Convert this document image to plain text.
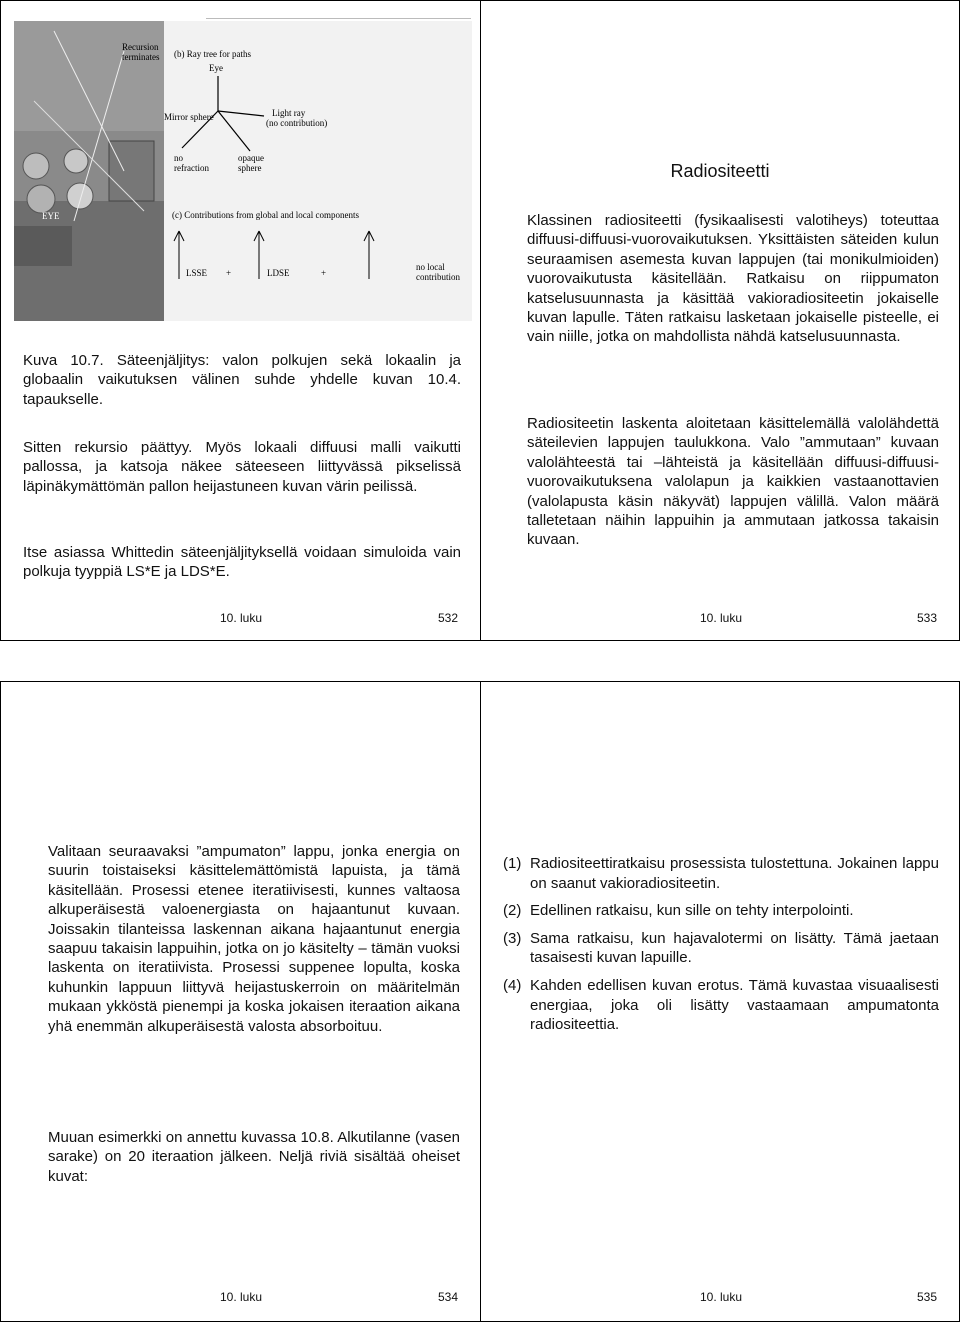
Recursion
terminates (b) Ray tree for paths
Eye
Mirror sphere	Light ray
(no contribution)
no
refraction
opaque
sphere
EYE	(c) Contributions from global and local components
LSSE +	LDSE	+
no local
contribution

Kuva 10.7. Säteenjäljitys: valon polkujen sekä lokaalin ja globaalin vaikutuksen välinen suhde yhdelle kuvan 10.4. tapaukselle.

Sitten rekursio päättyy. Myös lokaali diffuusi malli vaikutti pallossa, ja katsoja näkee säteeseen liittyvässä pikselissä läpinäkymättömän pallon heijastuneen kuvan värin peilissä.

Itse asiassa Whittedin säteenjäljityksellä voidaan simuloida vain polkuja tyyppiä LS*E ja LDS*E.

10. luku	532
Radiositeetti

Klassinen radiositeetti (fysikaalisesti valotiheys) toteuttaa diffuusi-diffuusi-vuorovaikutuksen. Yksittäisten säteiden kulun seuraamisen asemesta kuvan lappujen (tai monikulmioiden) vuorovaikutusta käsitellään. Ratkaisu on riippumaton katselusuunnasta ja käsittää vakioradiositeetin jokaiselle kuvan lapulle. Täten ratkaisu lasketaan jokaiselle pisteelle, ei vain niille, jotka on mahdollista nähdä katselusuunnasta.

Radiositeetin laskenta aloitetaan käsittelemällä valolähdettä säteilevien lappujen taulukkona. Valo ”ammutaan” kuvaan valolähteestä tai –lähteistä ja käsitellään diffuusi-diffuusi-vuorovaikutuksena valolapun ja kaikkien vastaanottavien (valolapusta käsin näkyvät) lappujen välillä. Valon määrä talletetaan näihin lappuihin ja ammutaan jatkossa takaisin kuvaan.

10. luku	533

Valitaan seuraavaksi ”ampumaton” lappu, jonka energia on suurin toistaiseksi käsittelemättömistä lapuista, ja tämä käsitellään. Prosessi etenee iteratiivisesti, kunnes valtaosa alkuperäisestä valoenergiasta on hajaantunut kuvaan. Joissakin tilanteissa laskennan aikana hajaantunut energia saapuu takaisin lappuihin, jotka on jo käsitelty – tämän vuoksi laskenta on iteratiivista. Prosessi suppenee lopulta, koska kuhunkin lappuun liittyvä heijastuskerroin on määritelmän mukaan ykköstä pienempi ja koska jokaisen iteraation aikana yhä enemmän alkuperäisestä valosta absorboituu.

Muuan esimerkki on annettu kuvassa 10.8. Alkutilanne (vasen sarake) on 20 iteraation jälkeen. Neljä riviä sisältää oheiset kuvat:

10. luku	534
(1) Radiositeettiratkaisu prosessista tulostettuna. Jokainen lappu on saanut vakioradiositeetin.
(2) Edellinen ratkaisu, kun sille on tehty interpolointi.
(3) Sama ratkaisu, kun hajavalotermi on lisätty. Tämä jaetaan tasaisesti kuvan lapuille.
(4) Kahden edellisen kuvan erotus. Tämä kuvastaa visuaalisesti energiaa, joka oli lisätty vastaamaan ampumatonta radiositeettia.
10. luku	535
